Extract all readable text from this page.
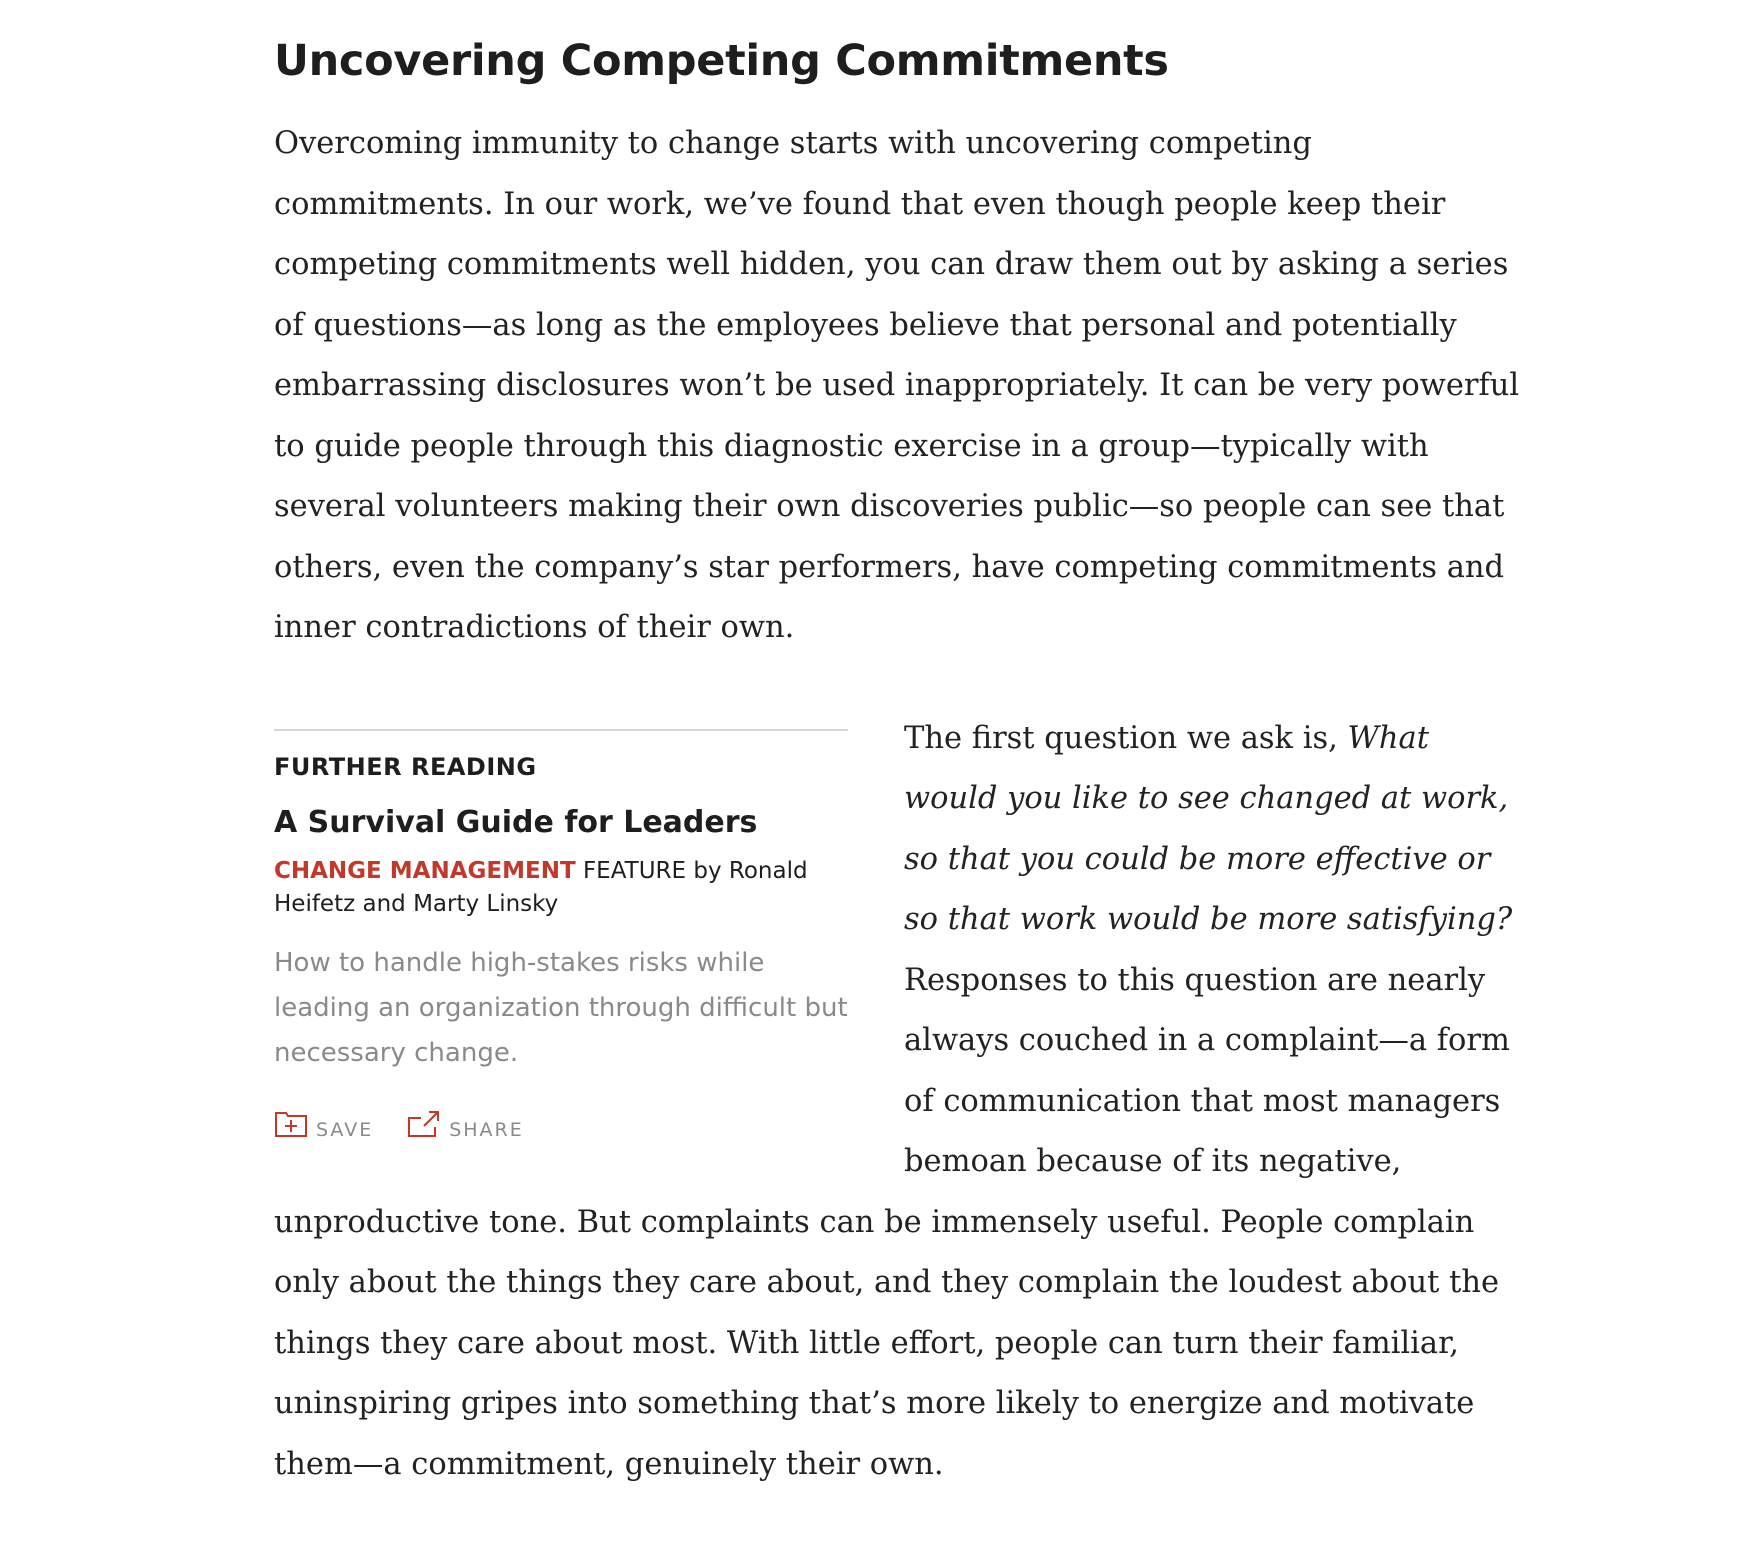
Uncovering Competing Commitments

Overcoming immunity to change starts with uncovering competing commitments. In our work, we’ve found that even though people keep their competing commitments well hidden, you can draw them out by asking a series of questions—as long as the employees believe that personal and potentially embarrassing disclosures won’t be used inappropriately. It can be very powerful to guide people through this diagnostic exercise in a group—typically with several volunteers making their own discoveries public—so people can see that others, even the company’s star performers, have competing commitments and inner contradictions of their own.

FURTHER READING
A Survival Guide for Leaders
CHANGE MANAGEMENT FEATURE by Ronald Heifetz and Marty Linsky
How to handle high-stakes risks while leading an organization through difficult but necessary change.
SAVE	SHARE

The first question we ask is, What would you like to see changed at work, so that you could be more effective or so that work would be more satisfying? Responses to this question are nearly always couched in a complaint—a form of communication that most managers bemoan because of its negative, unproductive tone. But complaints can be immensely useful. People complain only about the things they care about, and they complain the loudest about the things they care about most. With little effort, people can turn their familiar, uninspiring gripes into something that’s more likely to energize and motivate them—a commitment, genuinely their own.
